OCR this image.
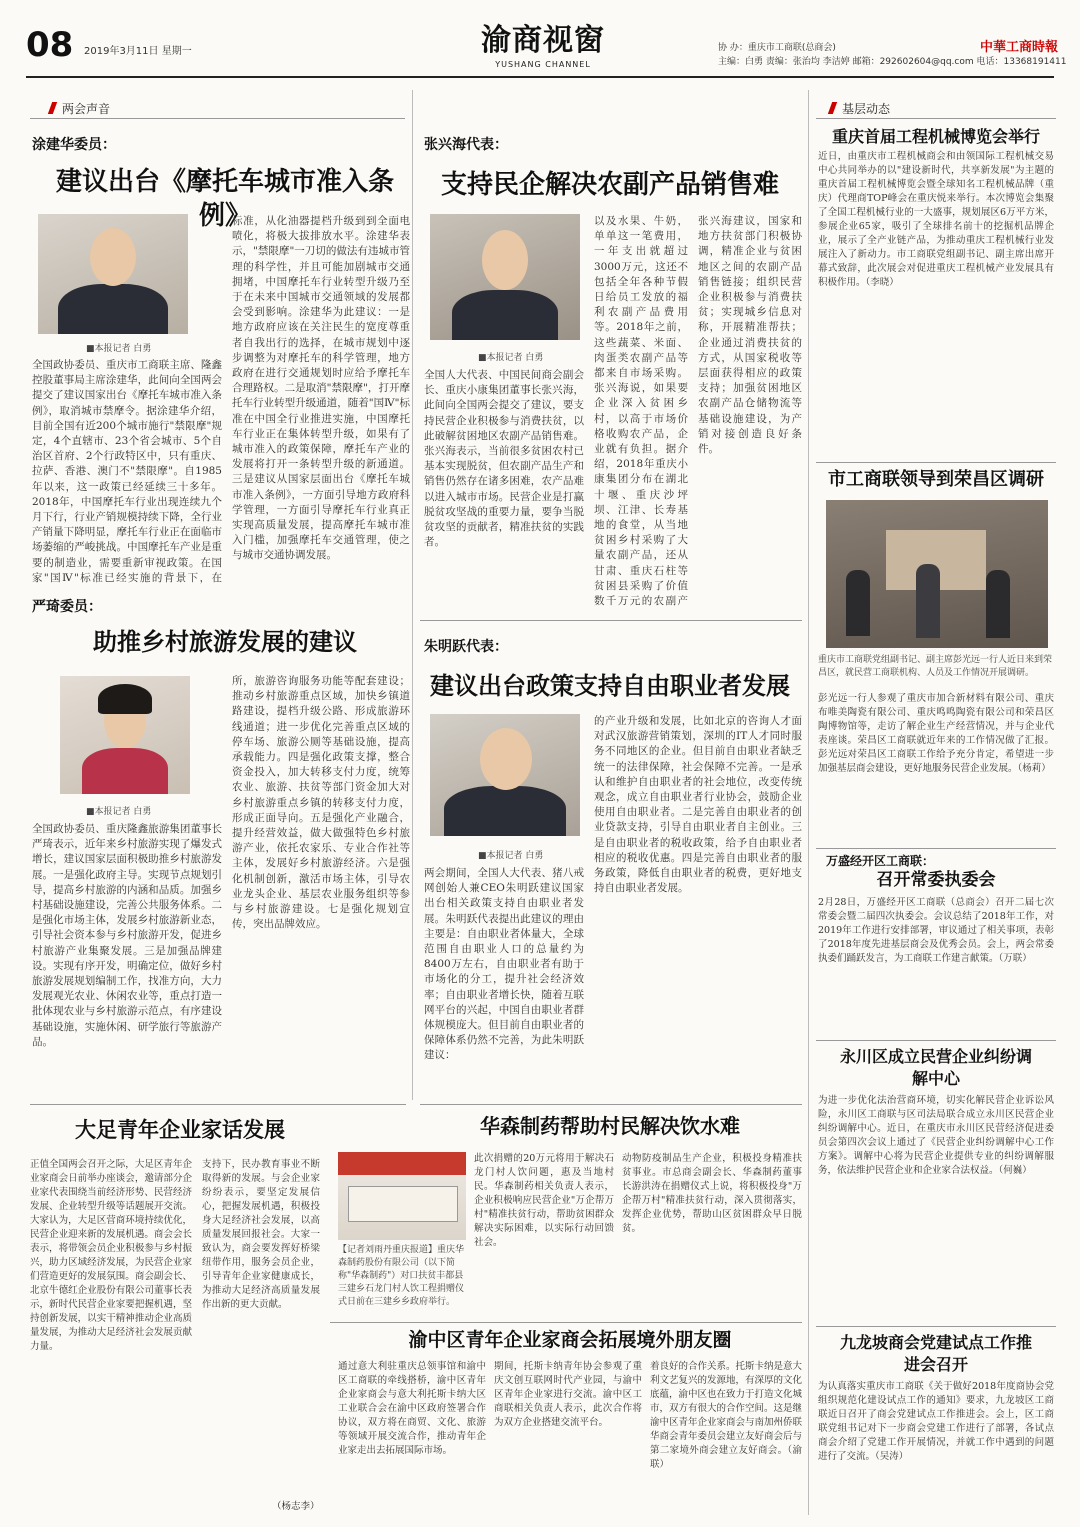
08 2019年3月11日 星期一	渝商视窗
YUSHANG CHANNEL
协 办：重庆市工商联(总商会)
主编：白勇 责编：张治均 李洁婷 邮箱：292602604@qq.com 电话：13368191411
中華工商時報
两会声音
涂建华委员：
建议出台《摩托车城市准入条例》
■本报记者 白勇
全国政协委员、重庆市工商联主席、隆鑫控股董事局主席涂建华，此间向全国两会提交了建议国家出台《摩托车城市准入条例》，取消城市禁摩令。据涂建华介绍，目前全国有近200个城市施行"禁限摩"规定，4个直辖市、23个省会城市、5个自治区首府、2个行政特区中，只有重庆、拉萨、香港、澳门不"禁限摩"。自1985年以来，这一政策已经延续三十多年。2018年，中国摩托车行业出现连续九个月下行，行业产销规模持续下降，全行业产销量下降明显，摩托车行业正在面临市场萎缩的严峻挑战。中国摩托车产业是重要的制造业，需要重新审视政策。在国家"国Ⅳ"标准已经实施的背景下，在
标准，从化油器提档升级到到全面电喷化，将极大拔排放水平。涂建华表示，"禁限摩"一刀切的做法有违城市管理的科学性，并且可能加剧城市交通拥堵，中国摩托车行业转型升级乃至于在未来中国城市交通领域的发展都会受到影响。涂建华为此建议：一是地方政府应该在关注民生的宽度尊重者自我出行的选择，在城市规划中逐步调整为对摩托车的科学管理，地方政府在进行交通规划时应给予摩托车合理路权。二是取消"禁限摩"，打开摩托车行业转型升级通道，随着"国Ⅳ"标准在中国全行业推进实施，中国摩托车行业正在集体转型升级，如果有了城市准入的政策保障，摩托车产业的发展将打开一条转型升级的新通道。三是建议从国家层面出台《摩托车城市准入条例》，一方面引导地方政府科学管理，一方面引导摩托车行业真正实现高质量发展，提高摩托车城市准入门槛，加强摩托车交通管理，使之与城市交通协调发展。
严琦委员：
助推乡村旅游发展的建议
■本报记者 白勇
全国政协委员、重庆隆鑫旅游集团董事长严琦表示，近年来乡村旅游实现了爆发式增长，建议国家层面积极助推乡村旅游发展。一是强化政府主导。实现节点规划引导，提高乡村旅游的内涵和品质。加强乡村基础设施建设，完善公共服务体系。二是强化市场主体，发展乡村旅游新业态，引导社会资本参与乡村旅游开发，促进乡村旅游产业集聚发展。三是加强品牌建设。实现有序开发，明确定位，做好乡村旅游发展规划编制工作，找准方向，大力发展观光农业、休闲农业等，重点打造一批体现农业与乡村旅游示范点，有序建设基础设施，实施休闲、研学旅行等旅游产品。
所，旅游咨询服务功能等配套建设；推动乡村旅游重点区域，加快乡镇道路建设，提档升级公路、形成旅游环线通道；进一步优化完善重点区域的停车场、旅游公厕等基础设施，提高承载能力。四是强化政策支撑，整合资金投入，加大转移支付力度，统筹农业、旅游、扶贫等部门资金加大对乡村旅游重点乡镇的转移支付力度，形成正面导向。五是强化产业融合，提升经营效益，做大做强特色乡村旅游产业，依托农家乐、专业合作社等主体，发展好乡村旅游经济。六是强化机制创新，激活市场主体，引导农业龙头企业、基层农业服务组织等参与乡村旅游建设。七是强化规划宣传，突出品牌效应。
大足青年企业家话发展
正值全国两会召开之际，大足区青年企业家商会日前举办座谈会，邀请部分企业家代表围绕当前经济形势、民营经济发展、企业转型升级等话题展开交流。大家认为，大足区营商环境持续优化，民营企业迎来新的发展机遇。商会会长表示，将带领会员企业积极参与乡村振兴，助力区域经济发展，为民营企业家们营造更好的发展氛围。商会副会长、北京牛德红企业股份有限公司董事长表示，新时代民营企业家要把握机遇，坚持创新发展，以实干精神推动企业高质量发展，为推动大足经济社会发展贡献力量。
支持下，民办教育事业不断取得新的发展。与会企业家纷纷表示，要坚定发展信心，把握发展机遇，积极投身大足经济社会发展，以高质量发展回报社会。大家一致认为，商会要发挥好桥梁纽带作用，服务会员企业，引导青年企业家健康成长，为推动大足经济高质量发展作出新的更大贡献。
（杨志李）
张兴海代表：
支持民企解决农副产品销售难
■本报记者 白勇
全国人大代表、中国民间商会副会长、重庆小康集团董事长张兴海，此间向全国两会提交了建议，要支持民营企业积极参与消费扶贫，以此破解贫困地区农副产品销售难。张兴海表示，当前很多贫困农村已基本实现脱贫，但农副产品生产和销售仍然存在诸多困难，农产品难以进入城市市场。民营企业是打赢脱贫攻坚战的重要力量，要争当脱贫攻坚的贡献者，精准扶贫的实践者。
以及水果、牛奶，单单这一笔费用，一年支出就超过3000万元，这还不包括全年各种节假日给员工发放的福利农副产品费用等。2018年之前，这些蔬菜、米面、肉蛋类农副产品等都来自市场采购。张兴海说，如果要企业深入贫困乡村，以高于市场价格收购农产品，企业就有负担。据介绍，2018年重庆小康集团分布在湖北十堰、重庆沙坪坝、江津、长寿基地的食堂，从当地贫困乡村采购了大量农副产品，还从甘肃、重庆石柱等贫困县采购了价值数千万元的农副产
张兴海建议，国家和地方扶贫部门积极协调，精准企业与贫困地区之间的农副产品销售链接；组织民营企业积极参与消费扶贫；实现城乡信息对称，开展精准帮扶；企业通过消费扶贫的方式，从国家税收等层面获得相应的政策支持；加强贫困地区农副产品仓储物流等基础设施建设，为产销对接创造良好条件。
朱明跃代表：
建议出台政策支持自由职业者发展
■本报记者 白勇
两会期间，全国人大代表、猪八戒网创始人兼CEO朱明跃建议国家出台相关政策支持自由职业者发展。朱明跃代表提出此建议的理由主要是：自由职业者体量大，全球范围自由职业人口的总量约为8400万左右，自由职业者有助于市场化的分工，提升社会经济效率；自由职业者增长快，随着互联网平台的兴起，中国自由职业者群体规模庞大。但目前自由职业者的保障体系仍然不完善，为此朱明跃建议：
的产业升级和发展，比如北京的咨询人才面对武汉旅游营销策划，深圳的IT人才同时服务不同地区的企业。但目前自由职业者缺乏统一的法律保障，社会保障不完善。一是承认和维护自由职业者的社会地位，改变传统观念，成立自由职业者行业协会，鼓励企业使用自由职业者。二是完善自由职业者的创业贷款支持，引导自由职业者自主创业。三是自由职业者的税收政策，给予自由职业者相应的税收优惠。四是完善自由职业者的服务政策，降低自由职业者的税费，更好地支持自由职业者发展。
华森制药帮助村民解决饮水难
【记者刘雨丹重庆报道】重庆华森制药股份有限公司（以下简称"华森制药"）对口扶贫丰都县三建乡石龙门村人饮工程捐赠仪式日前在三建乡乡政府举行。
此次捐赠的20万元将用于解决石龙门村人饮问题，惠及当地村民。华森制药相关负责人表示，企业积极响应民营企业"万企帮万村"精准扶贫行动，帮助贫困群众解决实际困难，以实际行动回馈社会。
动物防疫制品生产企业，积极投身精准扶贫事业。市总商会副会长、华森制药董事长游洪涛在捐赠仪式上说，将积极投身"万企帮万村"精准扶贫行动，深入贯彻落实，发挥企业优势，帮助山区贫困群众早日脱贫。
渝中区青年企业家商会拓展境外朋友圈
通过意大利驻重庆总领事馆和渝中区工商联的牵线搭桥，渝中区青年企业家商会与意大利托斯卡纳大区工业联合会在渝中区政府签署合作协议，双方将在商贸、文化、旅游等领域开展交流合作，推动青年企业家走出去拓展国际市场。
期间，托斯卡纳青年协会参观了重庆文创互联网时代产业园，与渝中区青年企业家进行交流。渝中区工商联相关负责人表示，此次合作将为双方企业搭建交流平台。
着良好的合作关系。托斯卡纳是意大利文艺复兴的发源地，有深厚的文化底蕴，渝中区也在致力于打造文化城市，双方有很大的合作空间。这是继渝中区青年企业家商会与南加州侨联华商会青年委员会建立友好商会后与第二家境外商会建立友好商会。（渝联）
基层动态
重庆首届工程机械博览会举行
近日，由重庆市工程机械商会和由领国际工程机械交易中心共同举办的以"建设新时代，共享新发展"为主题的重庆首届工程机械博览会暨全球知名工程机械品牌（重庆）代理商TOP峰会在重庆悦来举行。本次博览会集聚了全国工程机械行业的一大盛事，规划展区6万平方米，参展企业65家，吸引了全球排名前十的挖掘机品牌企业，展示了全产业链产品，为推动重庆工程机械行业发展注入了新动力。市工商联党组副书记、副主席出席开幕式致辞，此次展会对促进重庆工程机械产业发展具有积极作用。（李晓）
市工商联领导到荣昌区调研
重庆市工商联党组副书记、副主席彭光远一行人近日来到荣昌区，就民营工商联机构、人员及工作情况开展调研。
彭光远一行人参观了重庆市加合新材料有限公司、重庆布唯美陶瓷有限公司、重庆鸣鸣陶瓷有限公司和荣昌区陶博物馆等，走访了解企业生产经营情况，并与企业代表座谈。荣昌区工商联就近年来的工作情况做了汇报。彭光远对荣昌区工商联工作给予充分肯定，希望进一步加强基层商会建设，更好地服务民营企业发展。（杨莉）
万盛经开区工商联：
召开常委执委会
2月28日，万盛经开区工商联（总商会）召开二届七次常委会暨二届四次执委会。会议总结了2018年工作，对2019年工作进行安排部署，审议通过了相关事项，表彰了2018年度先进基层商会及优秀会员。会上，两会常委执委们踊跃发言，为工商联工作建言献策。（万联）
永川区成立民营企业纠纷调解中心
为进一步优化法治营商环境，切实化解民营企业诉讼风险，永川区工商联与区司法局联合成立永川区民营企业纠纷调解中心。近日，在重庆市永川区民营经济促进委员会第四次会议上通过了《民营企业纠纷调解中心工作方案》。调解中心将为民营企业提供专业的纠纷调解服务，依法维护民营企业和企业家合法权益。（何巍）
九龙坡商会党建试点工作推进会召开
为认真落实重庆市工商联《关于做好2018年度商协会党组织规范化建设试点工作的通知》要求，九龙坡区工商联近日召开了商会党建试点工作推进会。会上，区工商联党组书记对下一步商会党建工作进行了部署，各试点商会介绍了党建工作开展情况，并就工作中遇到的问题进行了交流。（吴涛）
